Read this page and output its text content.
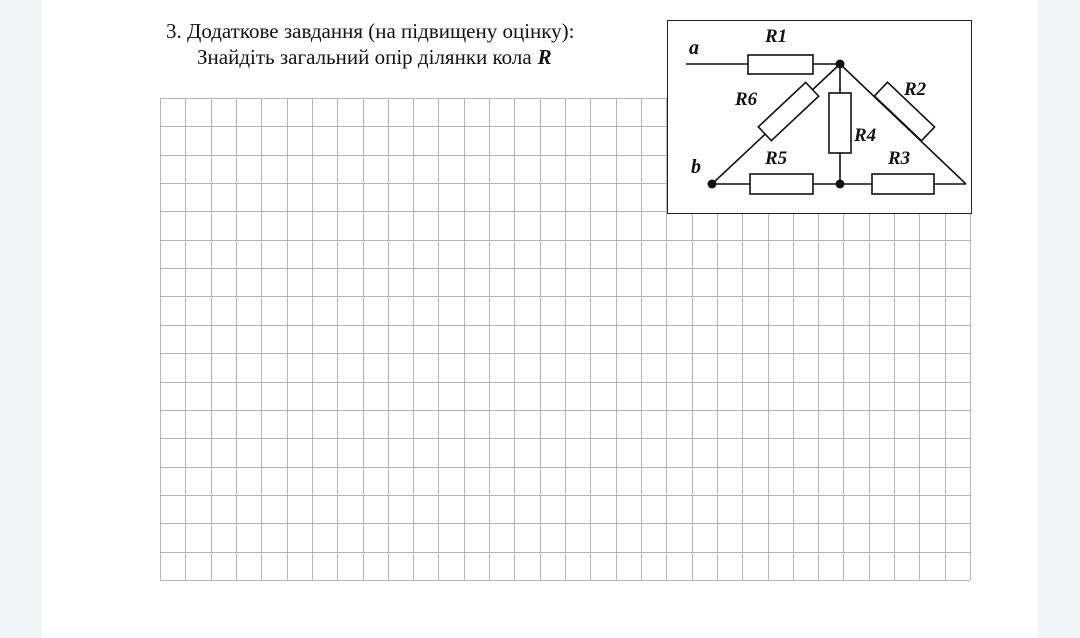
3. Додаткове завдання (на підвищену оцінку):
Знайдіть загальний опір ділянки кола R	a
b
R1
R2
R3
R4
R5
R6
